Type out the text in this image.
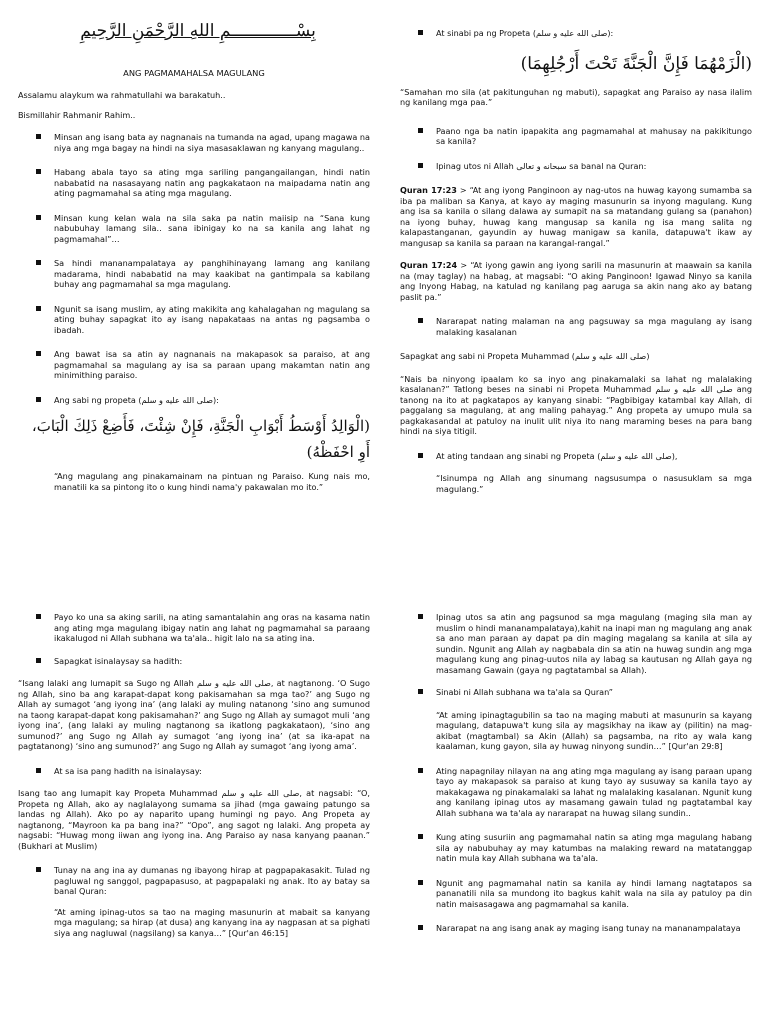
بِسْـــــــــــــمِ اللهِ الرَّحْمَنِ الرَّحِيمِ
ANG PAGMAMAHALSA MAGULANG

Assalamu alaykum wa rahmatullahi wa barakatuh..

Bismillahir Rahmanir Rahim..

Minsan ang isang bata ay nagnanais na tumanda na agad, upang magawa na niya ang mga bagay na hindi na siya masasaklawan ng kanyang magulang..
Habang abala tayo sa ating mga sariling pangangailangan, hindi natin nababatid na nasasayang natin ang pagkakataon na maipadama natin ang ating pagmamahal sa ating mga magulang.
Minsan kung kelan wala na sila saka pa natin maiisip na “Sana kung nabubuhay lamang sila.. sana ibinigay ko na sa kanila ang lahat ng pagmamahal”…
Sa hindi mananampalataya ay panghihinayang lamang ang kanilang madarama, hindi nababatid na may kaakibat na gantimpala sa kabilang buhay ang pagmamahal sa mga magulang.
Ngunit sa isang muslim, ay ating makikita ang kahalagahan ng magulang sa ating buhay sapagkat ito ay isang napakataas na antas ng pagsamba o ibadah.
Ang bawat isa sa atin ay nagnanais na makapasok sa paraiso, at ang pagmamahal sa magulang ay isa sa paraan upang makamtan natin ang minimithing paraiso.
Ang sabi ng propeta (صلى الله عليه و سلم):

(الْوَالِدُ أَوْسَطُ أَبْوَابِ الْجَنَّةِ، فَإِنْ شِئْتَ، فَأَضِعْ ذَلِكَ الْبَابَ، أَوِ احْفَظْهُ)

“Ang magulang ang pinakamainam na pintuan ng Paraiso. Kung nais mo, manatili ka sa pintong ito o kung hindi nama'y pakawalan mo ito.”

At sinabi pa ng Propeta (صلى الله عليه و سلم):

(الْزَمْهُمَا فَإِنَّ الْجَنَّةَ تَحْتَ أَرْجُلِهِمَا)

“Samahan mo sila (at pakitunguhan ng mabuti), sapagkat ang Paraiso ay nasa ilalim ng kanilang mga paa.”

Paano nga ba natin ipapakita ang pagmamahal at mahusay na pakikitungo sa kanila?
Ipinag utos ni Allah سبحانه و تعالى sa banal na Quran:

Quran 17:23 > “At ang iyong Panginoon ay nag-utos na huwag kayong sumamba sa iba pa maliban sa Kanya, at kayo ay maging masunurin sa inyong magulang. Kung ang isa sa kanila o silang dalawa ay sumapit na sa matandang gulang sa (panahon) na iyong buhay, huwag kang mangusap sa kanila ng isa mang salita ng kalapastanganan, gayundin ay huwag manigaw sa kanila, datapuwa't ikaw ay mangusap sa kanila sa paraan na karangal-rangal.”

Quran 17:24 > “At iyong gawin ang iyong sarili na masunurin at maawain sa kanila na (may taglay) na habag, at magsabi: “O aking Panginoon! Igawad Ninyo sa kanila ang Inyong Habag, na katulad ng kanilang pag aaruga sa akin nang ako ay batang paslit pa.”

Nararapat nating malaman na ang pagsuway sa mga magulang ay isang malaking kasalanan

Sapagkat ang sabi ni Propeta Muhammad (صلى الله عليه و سلم)

“Nais ba ninyong ipaalam ko sa inyo ang pinakamalaki sa lahat ng malalaking kasalanan?” Tatlong beses na sinabi ni Propeta Muhammad صلى الله عليه و سلم ang tanong na ito at pagkatapos ay kanyang sinabi: “Pagbibigay katambal kay Allah, di paggalang sa magulang, at ang maling pahayag.” Ang propeta ay umupo mula sa pagkakasandal at patuloy na inulit ulit niya ito nang maraming beses na para bang hindi na siya titigil.

At ating tandaan ang sinabi ng Propeta (صلى الله عليه و سلم),

“Isinumpa ng Allah ang sinumang nagsusumpa o nasusuklam sa mga magulang.”

Payo ko una sa aking sarili, na ating samantalahin ang oras na kasama natin ang ating mga magulang ibigay natin ang lahat ng pagmamahal sa paraang ikakalugod ni Allah subhana wa ta'ala.. higit lalo na sa ating ina.
Sapagkat isinalaysay sa hadith:

“Isang lalaki ang lumapit sa Sugo ng Allah صلى الله عليه و سلم, at nagtanong. ‘O Sugo ng Allah, sino ba ang karapat-dapat kong pakisamahan sa mga tao?’ ang Sugo ng Allah ay sumagot ‘ang iyong ina’ (ang lalaki ay muling natanong ‘sino ang sumunod na taong karapat-dapat kong pakisamahan?’ ang Sugo ng Allah ay sumagot muli ‘ang iyong ina’, (ang lalaki ay muling nagtanong sa ikatlong pagkakataon), ‘sino ang sumunod?’ ang Sugo ng Allah ay sumagot ‘ang iyong ina’ (at sa ika-apat na pagtatanong) ‘sino ang sumunod?’ ang Sugo ng Allah ay sumagot ‘ang iyong ama’.

At sa isa pang hadith na isinalaysay:

Isang tao ang lumapit kay Propeta Muhammad صلى الله عليه و سلم, at nagsabi: “O, Propeta ng Allah, ako ay naglalayong sumama sa jihad (mga gawaing patungo sa landas ng Allah). Ako po ay naparito upang humingi ng payo. Ang Propeta ay nagtanong, “Mayroon ka pa bang ina?” “Opo”, ang sagot ng lalaki. Ang propeta ay nagsabi: “Huwag mong iiwan ang iyong ina. Ang Paraiso ay nasa kanyang paanan.” (Bukhari at Muslim)

Tunay na ang ina ay dumanas ng ibayong hirap at pagpapakasakit. Tulad ng pagluwal ng sanggol, pagpapasuso, at pagpapalaki ng anak. Ito ay batay sa banal Quran:

“At aming ipinag-utos sa tao na maging masunurin at mabait sa kanyang mga magulang; sa hirap (at dusa) ang kanyang ina ay nagpasan at sa pighati siya ang nagluwal (nagsilang) sa kanya…” [Qur'an 46:15]

Ipinag utos sa atin ang pagsunod sa mga magulang (maging sila man ay muslim o hindi mananampalataya),kahit na inapi man ng magulang ang anak sa ano man paraan ay dapat pa din maging magalang sa kanila at sila ay sundin. Ngunit ang Allah ay nagbabala din sa atin na huwag sundin ang mga magulang kung ang pinag-uutos nila ay labag sa kautusan ng Allah gaya ng masamang Gawain (gaya ng pagtatambal sa Allah).
Sinabi ni Allah subhana wa ta'ala sa Quran”

“At aming ipinagtagubilin sa tao na maging mabuti at masunurin sa kayang magulang, datapuwa't kung sila ay magsikhay na ikaw ay (pilitin) na mag-akibat (magtambal) sa Akin (Allah) sa pagsamba, na rito ay wala kang kaalaman, kung gayon, sila ay huwag ninyong sundin…” [Qur'an 29:8]

Ating napagnilay nilayan na ang ating mga magulang ay isang paraan upang tayo ay makapasok sa paraiso at kung tayo ay susuway sa kanila tayo ay makakagawa ng pinakamalaki sa lahat ng malalaking kasalanan. Ngunit kung ang kanilang ipinag utos ay masamang gawain tulad ng pagtatambal kay Allah subhana wa ta'ala ay nararapat na huwag silang sundin..
Kung ating susuriin ang pagmamahal natin sa ating mga magulang habang sila ay nabubuhay ay may katumbas na malaking reward na matatanggap natin mula kay Allah subhana wa ta'ala.
Ngunit ang pagmamahal natin sa kanila ay hindi lamang nagtatapos sa pananatili nila sa mundong ito bagkus kahit wala na sila ay patuloy pa din natin maisasagawa ang pagmamahal sa kanila.
Nararapat na ang isang anak ay maging isang tunay na mananampalataya
